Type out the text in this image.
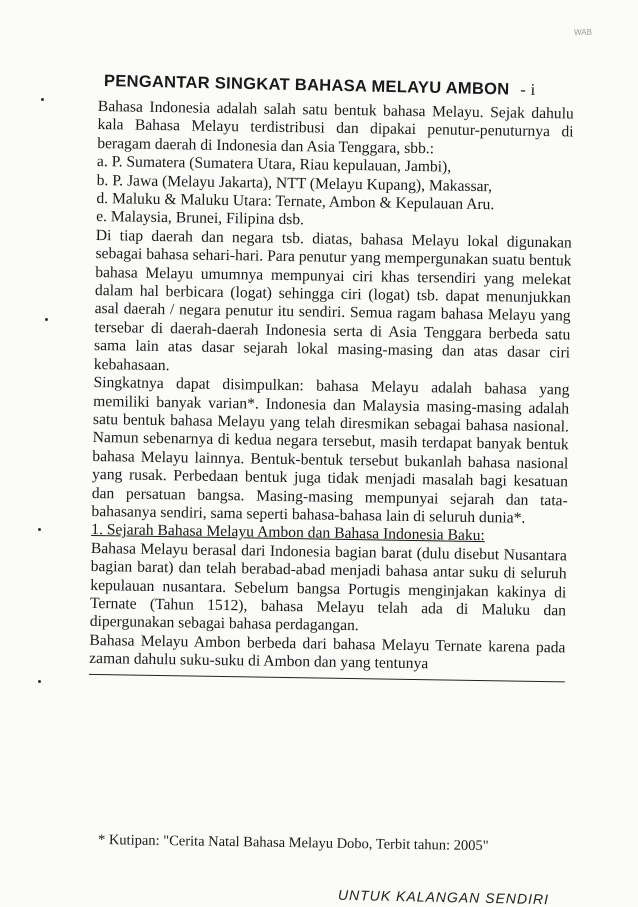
WAB
PENGANTAR SINGKAT BAHASA MELAYU AMBON - i

Bahasa Indonesia adalah salah satu bentuk bahasa Melayu. Sejak dahulu kala Bahasa Melayu terdistribusi dan dipakai penutur-penuturnya di beragam daerah di Indonesia dan Asia Tenggara, sbb.:

a. P. Sumatera (Sumatera Utara, Riau kepulauan, Jambi),
b. P. Jawa (Melayu Jakarta), NTT (Melayu Kupang), Makassar,
d. Maluku & Maluku Utara: Ternate, Ambon & Kepulauan Aru.
e. Malaysia, Brunei, Filipina dsb.

Di tiap daerah dan negara tsb. diatas, bahasa Melayu lokal digunakan sebagai bahasa sehari-hari. Para penutur yang mempergunakan suatu bentuk bahasa Melayu umumnya mempunyai ciri khas tersendiri yang melekat dalam hal berbicara (logat) sehingga ciri (logat) tsb. dapat menunjukkan asal daerah / negara penutur itu sendiri. Semua ragam bahasa Melayu yang tersebar di daerah-daerah Indonesia serta di Asia Tenggara berbeda satu sama lain atas dasar sejarah lokal masing-masing dan atas dasar ciri kebahasaan.

Singkatnya dapat disimpulkan: bahasa Melayu adalah bahasa yang memiliki banyak varian*. Indonesia dan Malaysia masing-masing adalah satu bentuk bahasa Melayu yang telah diresmikan sebagai bahasa nasional. Namun sebenarnya di kedua negara tersebut, masih terdapat banyak bentuk bahasa Melayu lainnya. Bentuk-bentuk tersebut bukanlah bahasa nasional yang rusak. Perbedaan bentuk juga tidak menjadi masalah bagi kesatuan dan persatuan bangsa. Masing-masing mempunyai sejarah dan tata-bahasanya sendiri, sama seperti bahasa-bahasa lain di seluruh dunia*.

1. Sejarah Bahasa Melayu Ambon dan Bahasa Indonesia Baku:

Bahasa Melayu berasal dari Indonesia bagian barat (dulu disebut Nusantara bagian barat) dan telah berabad-abad menjadi bahasa antar suku di seluruh kepulauan nusantara. Sebelum bangsa Portugis menginjakan kakinya di Ternate (Tahun 1512), bahasa Melayu telah ada di Maluku dan dipergunakan sebagai bahasa perdagangan.

Bahasa Melayu Ambon berbeda dari bahasa Melayu Ternate karena pada zaman dahulu suku-suku di Ambon dan yang tentunya

* Kutipan: "Cerita Natal Bahasa Melayu Dobo, Terbit tahun: 2005"
UNTUK KALANGAN SENDIRI
